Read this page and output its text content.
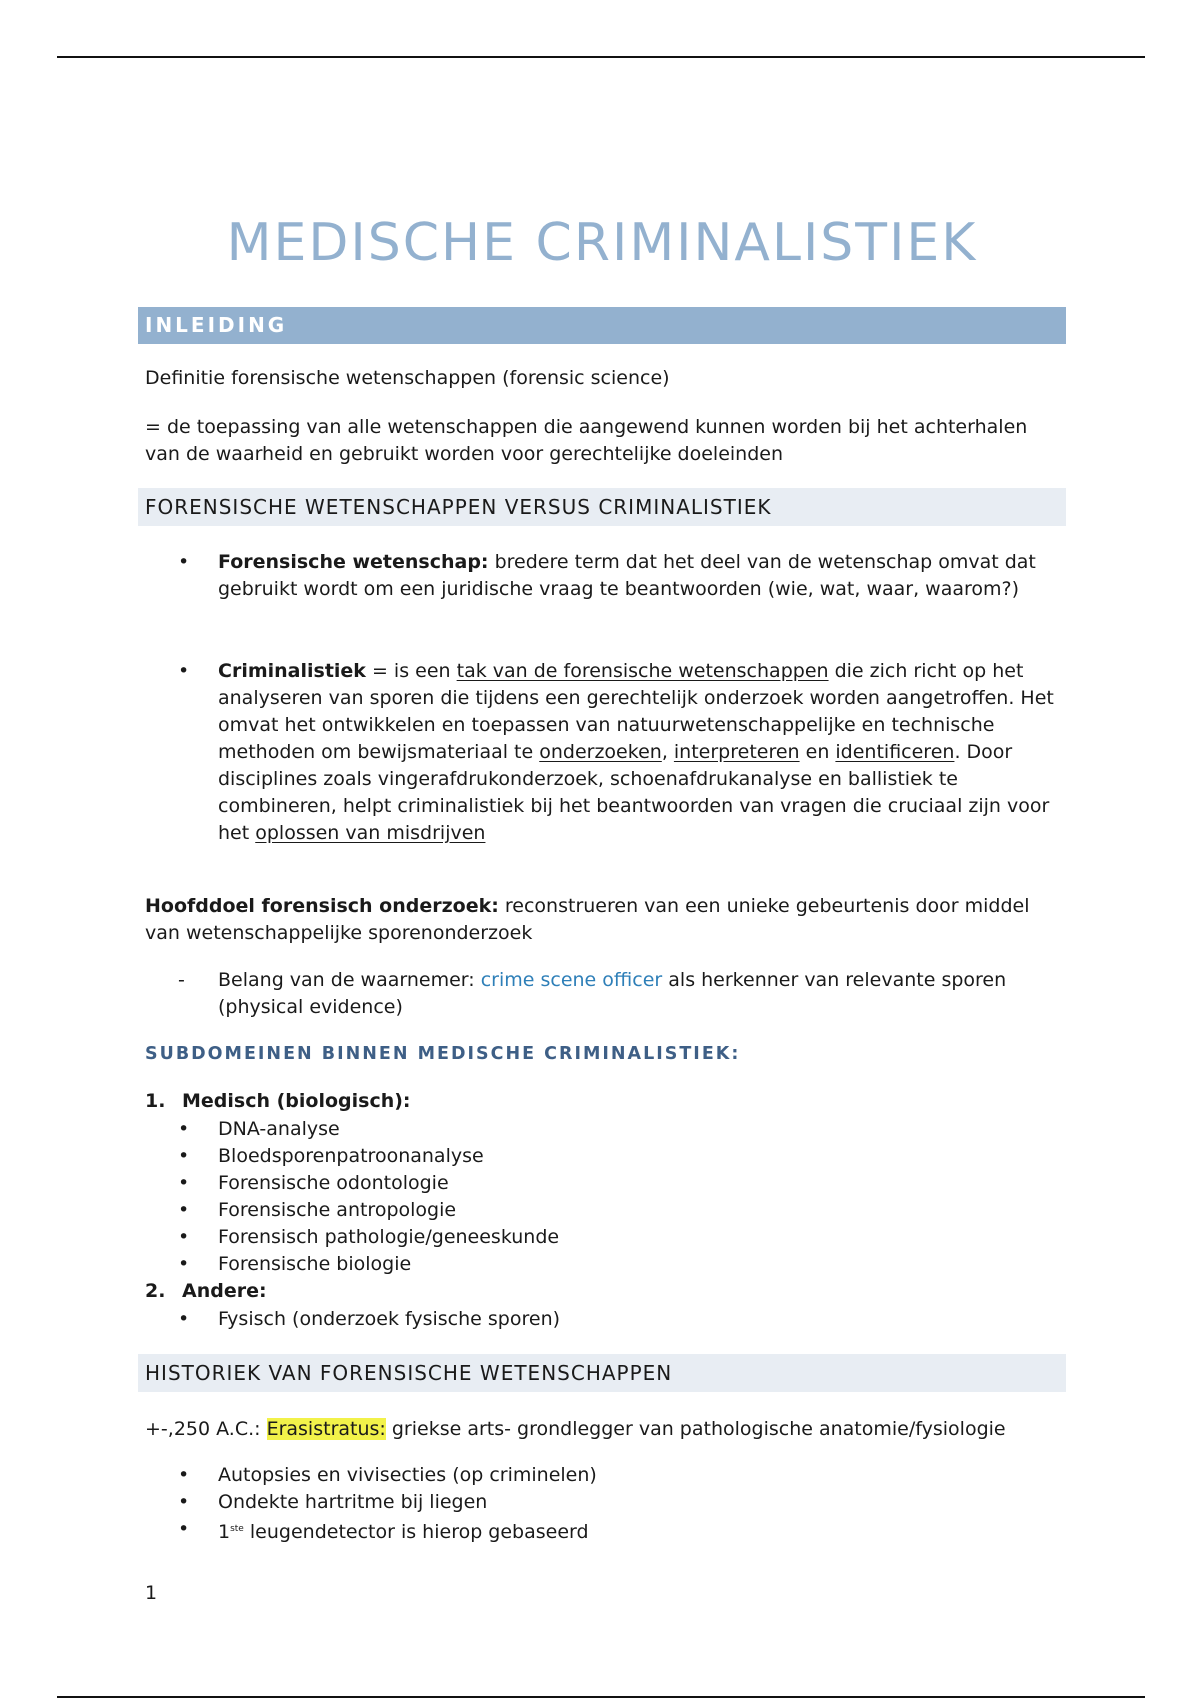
MEDISCHE CRIMINALISTIEK
INLEIDING
Definitie forensische wetenschappen (forensic science)
= de toepassing van alle wetenschappen die aangewend kunnen worden bij het achterhalen van de waarheid en gebruikt worden voor gerechtelijke doeleinden
FORENSISCHE WETENSCHAPPEN VERSUS CRIMINALISTIEK
•	Forensische wetenschap: bredere term dat het deel van de wetenschap omvat dat gebruikt wordt om een juridische vraag te beantwoorden (wie, wat, waar, waarom?)
•	Criminalistiek = is een tak van de forensische wetenschappen die zich richt op het analyseren van sporen die tijdens een gerechtelijk onderzoek worden aangetroffen. Het omvat het ontwikkelen en toepassen van natuurwetenschappelijke en technische methoden om bewijsmateriaal te onderzoeken, interpreteren en identificeren. Door disciplines zoals vingerafdrukonderzoek, schoenafdrukanalyse en ballistiek te combineren, helpt criminalistiek bij het beantwoorden van vragen die cruciaal zijn voor het oplossen van misdrijven
Hoofddoel forensisch onderzoek: reconstrueren van een unieke gebeurtenis door middel van wetenschappelijke sporenonderzoek
-	Belang van de waarnemer: crime scene officer als herkenner van relevante sporen (physical evidence)
SUBDOMEINEN BINNEN MEDISCHE CRIMINALISTIEK:
1. Medisch (biologisch):
•	DNA-analyse
•	Bloedsporenpatroonanalyse
•	Forensische odontologie
•	Forensische antropologie
•	Forensisch pathologie/geneeskunde
•	Forensische biologie
2. Andere:
•	Fysisch (onderzoek fysische sporen)
HISTORIEK VAN FORENSISCHE WETENSCHAPPEN
+-,250 A.C.: Erasistratus: griekse arts- grondlegger van pathologische anatomie/fysiologie
•	Autopsies en vivisecties (op criminelen)
•	Ondekte hartritme bij liegen
•	1ste leugendetector is hierop gebaseerd
1
